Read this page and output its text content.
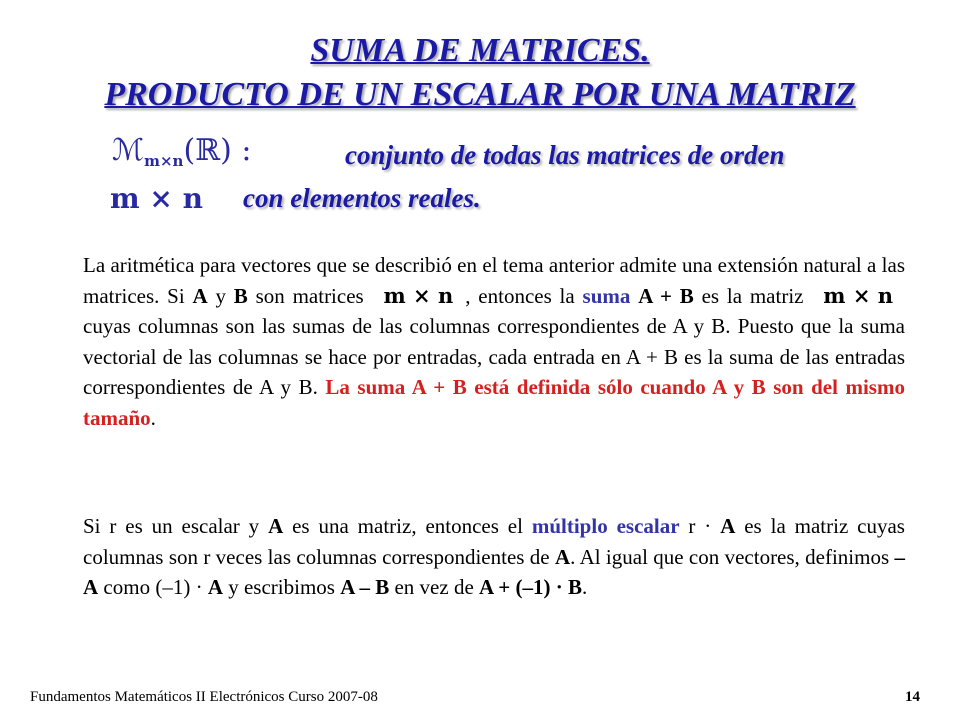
SUMA DE MATRICES.
PRODUCTO DE UN ESCALAR POR UNA MATRIZ
ℳ$_{m\times n}$(ℝ) :	conjunto de todas las matrices de orden
m × n con elementos reales.
La aritmética para vectores que se describió en el tema anterior admite una extensión natural a las matrices. Si A y B son matrices m × n , entonces la suma A + B es la matriz m × n cuyas columnas son las sumas de las columnas correspondientes de A y B. Puesto que la suma vectorial de las columnas se hace por entradas, cada entrada en A + B es la suma de las entradas correspondientes de A y B. La suma A + B está definida sólo cuando A y B son del mismo tamaño.
Si r es un escalar y A es una matriz, entonces el múltiplo escalar r · A es la matriz cuyas columnas son r veces las columnas correspondientes de A. Al igual que con vectores, definimos –A como (–1) · A y escribimos A – B en vez de A + (–1) · B.
Fundamentos Matemáticos II Electrónicos Curso 2007-08	14
